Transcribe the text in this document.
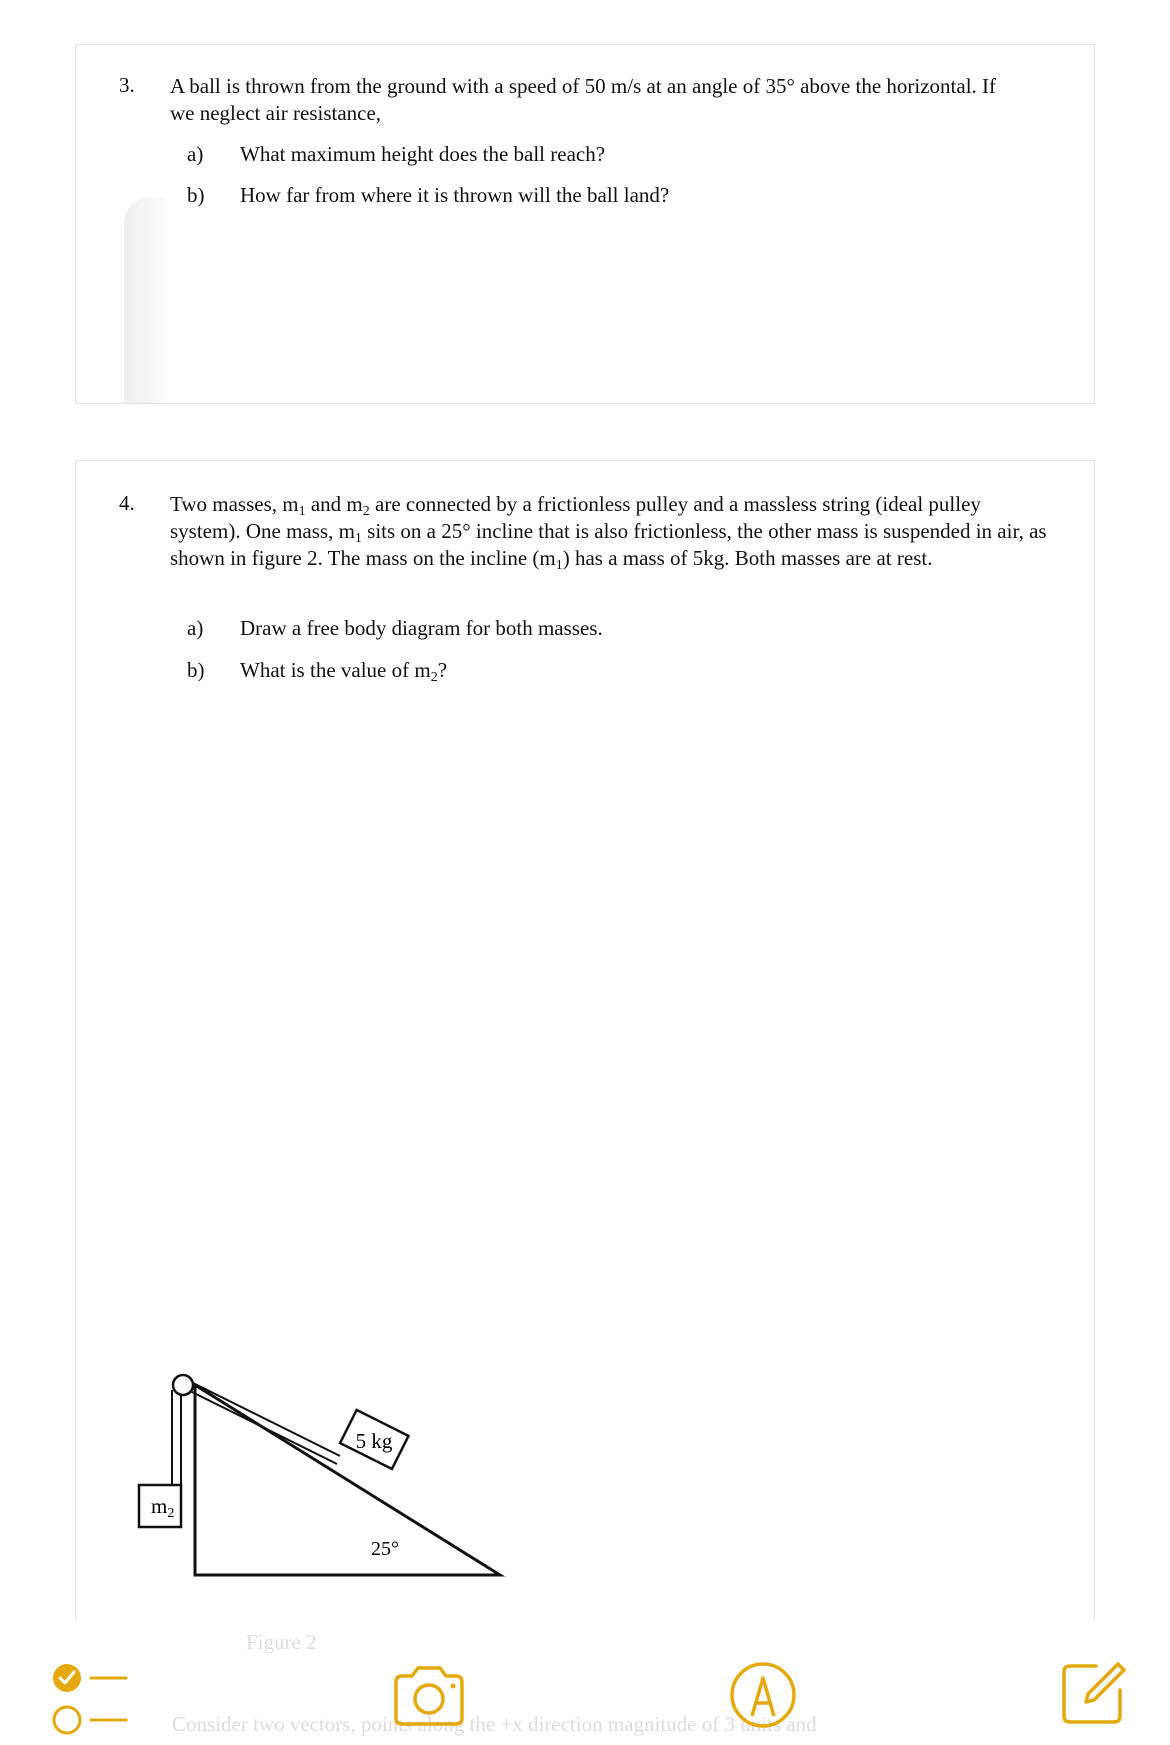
3. A ball is thrown from the ground with a speed of 50 m/s at an angle of 35° above the horizontal. If we neglect air resistance,
a) What maximum height does the ball reach?
b) How far from where it is thrown will the ball land?
4. Two masses, $m_1$ and $m_2$ are connected by a frictionless pulley and a massless string (ideal pulley system). One mass, $m_1$ sits on a 25° incline that is also frictionless, the other mass is suspended in air, as shown in figure 2. The mass on the incline $(m_1)$ has a mass of 5kg. Both masses are at rest.
a) Draw a free body diagram for both masses.
b) What is the value of $m_2$?
5 kg
m2
25°
Figure 2
Consider two vectors, points along the +x direction magnitude of 3 units and
